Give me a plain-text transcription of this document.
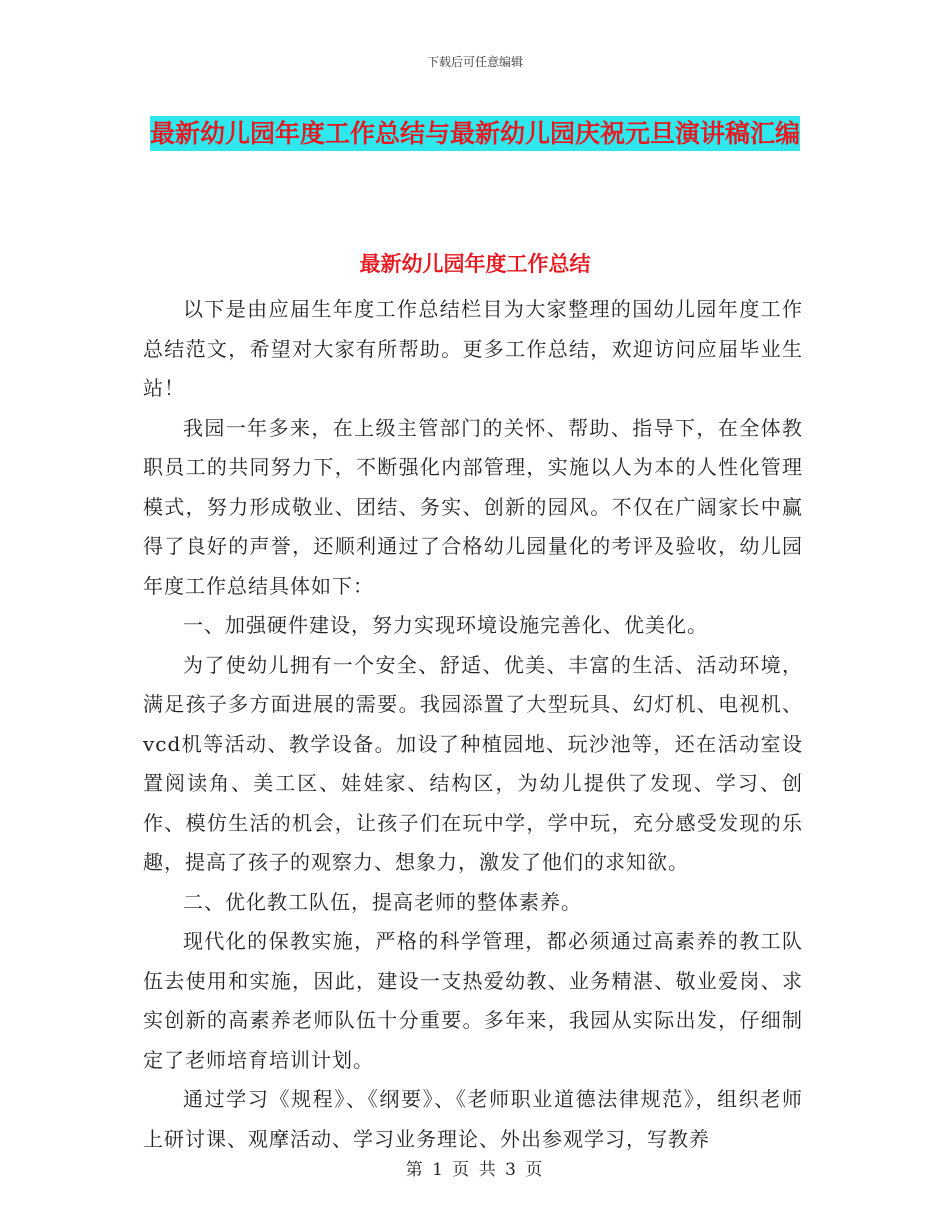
下载后可任意编辑
最新幼儿园年度工作总结与最新幼儿园庆祝元旦演讲稿汇编
最新幼儿园年度工作总结

以下是由应届生年度工作总结栏目为大家整理的国幼儿园年度工作总结范文，希望对大家有所帮助。更多工作总结，欢迎访问应届毕业生站！

我园一年多来，在上级主管部门的关怀、帮助、指导下，在全体教职员工的共同努力下，不断强化内部管理，实施以人为本的人性化管理模式，努力形成敬业、团结、务实、创新的园风。不仅在广阔家长中赢得了良好的声誉，还顺利通过了合格幼儿园量化的考评及验收，幼儿园年度工作总结具体如下：

一、加强硬件建设，努力实现环境设施完善化、优美化。

为了使幼儿拥有一个安全、舒适、优美、丰富的生活、活动环境，满足孩子多方面进展的需要。我园添置了大型玩具、幻灯机、电视机、vcd机等活动、教学设备。加设了种植园地、玩沙池等，还在活动室设置阅读角、美工区、娃娃家、结构区，为幼儿提供了发现、学习、创作、模仿生活的机会，让孩子们在玩中学，学中玩，充分感受发现的乐趣，提高了孩子的观察力、想象力，激发了他们的求知欲。

二、优化教工队伍，提高老师的整体素养。

现代化的保教实施，严格的科学管理，都必须通过高素养的教工队伍去使用和实施，因此，建设一支热爱幼教、业务精湛、敬业爱岗、求实创新的高素养老师队伍十分重要。多年来，我园从实际出发，仔细制定了老师培育培训计划。

通过学习《规程》、《纲要》、《老师职业道德法律规范》，组织老师上研讨课、观摩活动、学习业务理论、外出参观学习，写教养

第 1 页 共 3 页
